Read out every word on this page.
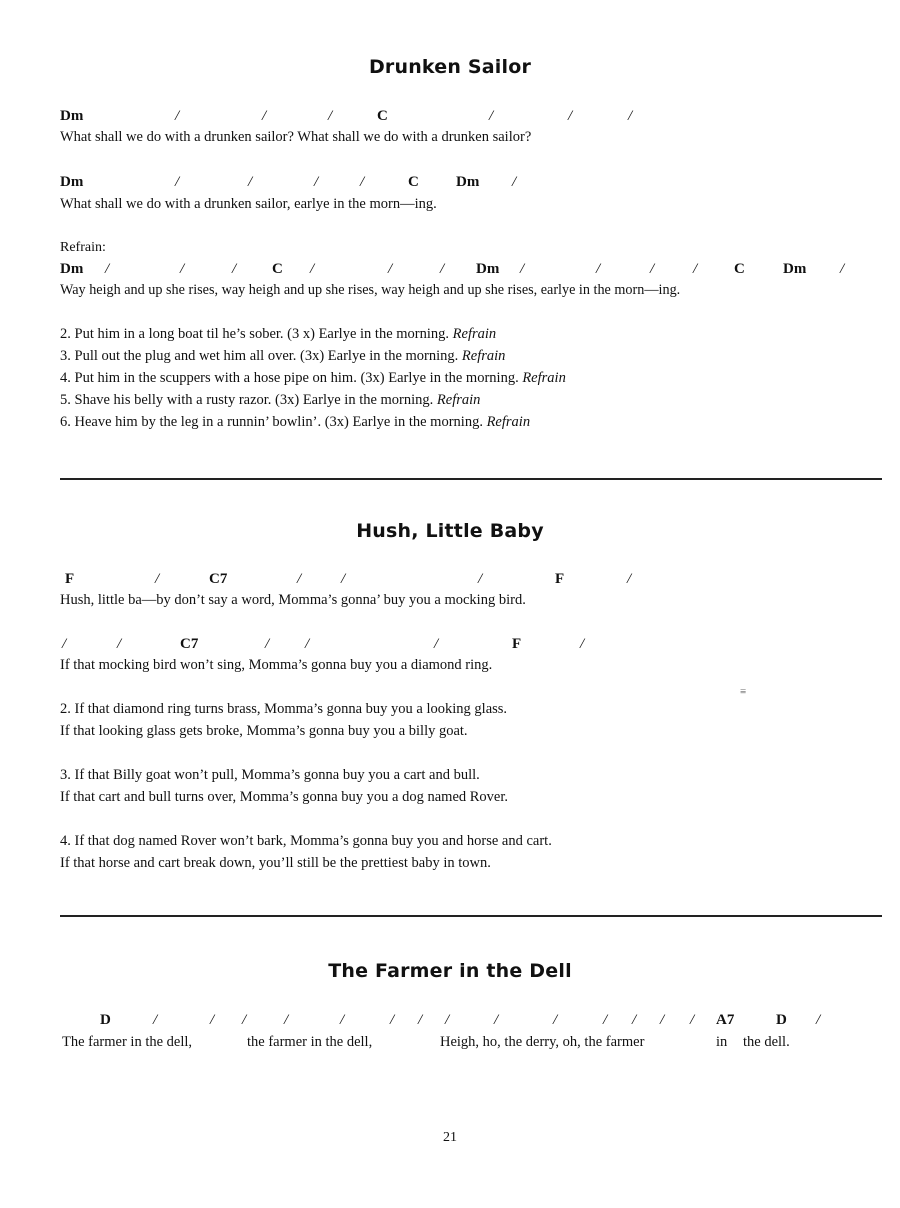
Drunken Sailor
Dm	/	/	/	C	/	/	/
What shall we do with a drunken sailor? What shall we do with a drunken sailor?
Dm	/	/	/	/	C Dm /
What shall we do with a drunken sailor, earlye in the morn—ing.
Refrain:
Dm /	/	/ C /	/	/ Dm /	/	/	/ C	Dm /
Way heigh and up she rises, way heigh and up she rises, way heigh and up she rises, earlye in the morn—ing.
2. Put him in a long boat til he’s sober. (3 x) Earlye in the morning. Refrain
3. Pull out the plug and wet him all over. (3x) Earlye in the morning. Refrain
4. Put him in the scuppers with a hose pipe on him. (3x) Earlye in the morning. Refrain
5. Shave his belly with a rusty razor. (3x) Earlye in the morning. Refrain
6. Heave him by the leg in a runnin’ bowlin’. (3x) Earlye in the morning. Refrain
Hush, Little Baby
F	/	C7	/	/	/	F	/
Hush, little ba—by don’t say a word, Momma’s gonna’ buy you a mocking bird.
/	/	C7	/ /	/	F	/
If that mocking bird won’t sing, Momma’s gonna buy you a diamond ring.
2. If that diamond ring turns brass, Momma’s gonna buy you a looking glass.
If that looking glass gets broke, Momma’s gonna buy you a billy goat.
3. If that Billy goat won’t pull, Momma’s gonna buy you a cart and bull.
If that cart and bull turns over, Momma’s gonna buy you a dog named Rover.
4. If that dog named Rover won’t bark, Momma’s gonna buy you and horse and cart.
If that horse and cart break down, you’ll still be the prettiest baby in town.
≡
The Farmer in the Dell
D	/	/ /	/	/	/ / /	/	/	/ / / / A7	D /
The farmer in the dell,	the farmer in the dell,	Heigh, ho, the derry, oh, the farmer	in the dell.
21
